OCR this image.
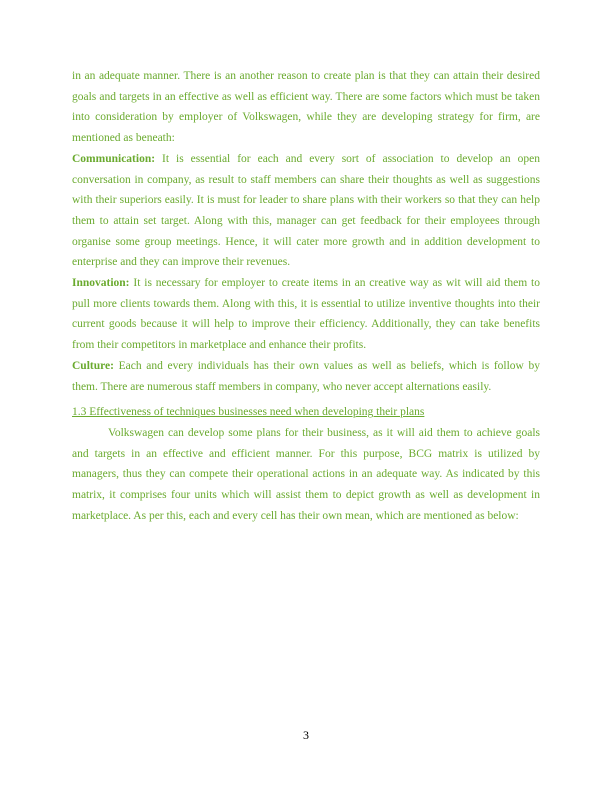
in an adequate manner. There is an another reason to create plan is that they can attain their desired goals and targets in an effective as well as efficient way. There are some factors which must be taken into consideration by employer of Volkswagen, while they are developing strategy for firm, are mentioned as beneath:

Communication: It is essential for each and every sort of association to develop an open conversation in company, as result to staff members can share their thoughts as well as suggestions with their superiors easily. It is must for leader to share plans with their workers so that they can help them to attain set target. Along with this, manager can get feedback for their employees through organise some group meetings. Hence, it will cater more growth and in addition development to enterprise and they can improve their revenues.

Innovation: It is necessary for employer to create items in an creative way as wit will aid them to pull more clients towards them. Along with this, it is essential to utilize inventive thoughts into their current goods because it will help to improve their efficiency. Additionally, they can take benefits from their competitors in marketplace and enhance their profits.

Culture: Each and every individuals has their own values as well as beliefs, which is follow by them. There are numerous staff members in company, who never accept alternations easily.

1.3 Effectiveness of techniques businesses need when developing their plans

Volkswagen can develop some plans for their business, as it will aid them to achieve goals and targets in an effective and efficient manner. For this purpose, BCG matrix is utilized by managers, thus they can compete their operational actions in an adequate way. As indicated by this matrix, it comprises four units which will assist them to depict growth as well as development in marketplace. As per this, each and every cell has their own mean, which are mentioned as below:

3
